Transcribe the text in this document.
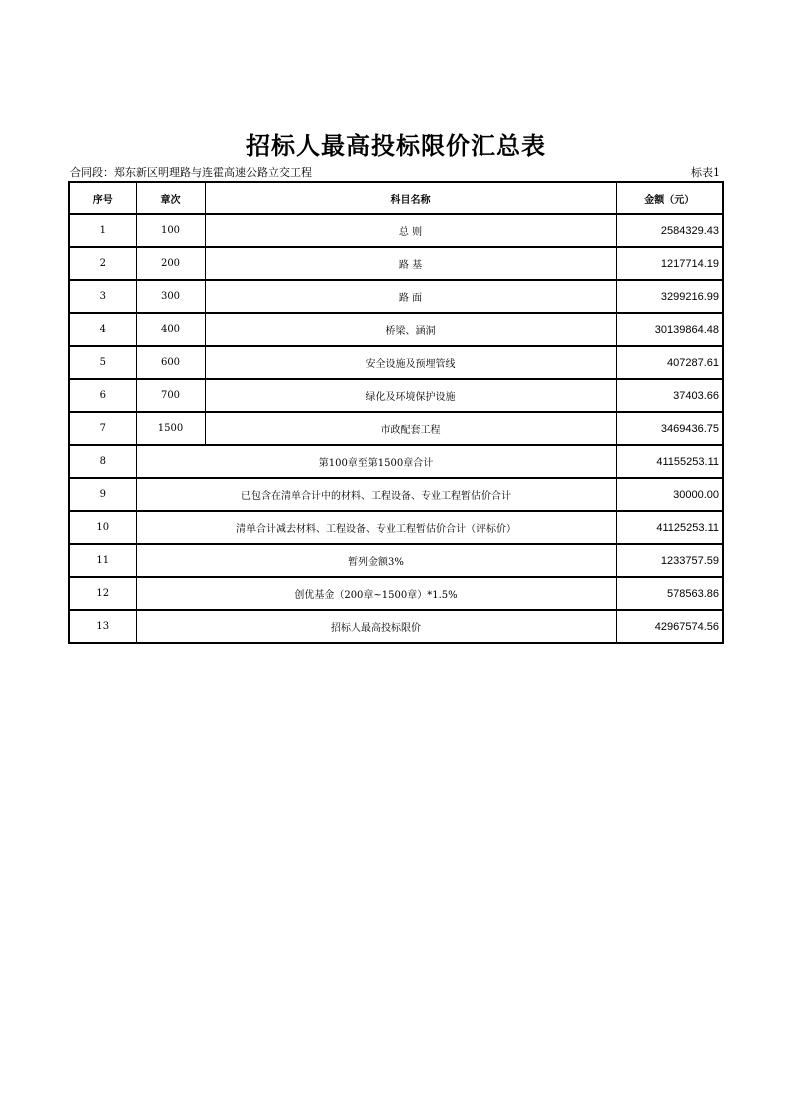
招标人最高投标限价汇总表
合同段：郑东新区明理路与连霍高速公路立交工程	标表1
序号	章次	科目名称	金额（元）
1	100	总 则	2584329.43
2	200	路 基	1217714.19
3	300	路 面	3299216.99
4	400	桥梁、涵洞	30139864.48
5	600	安全设施及预埋管线	407287.61
6	700	绿化及环境保护设施	37403.66
7	1500	市政配套工程	3469436.75
8	第100章至第1500章合计		41155253.11
9	已包含在清单合计中的材料、工程设备、专业工程暂估价合计		30000.00
10	清单合计减去材料、工程设备、专业工程暂估价合计（评标价）		41125253.11
11	暂列金额3%		1233757.59
12	创优基金（200章~1500章）*1.5%		578563.86
13	招标人最高投标限价		42967574.56
